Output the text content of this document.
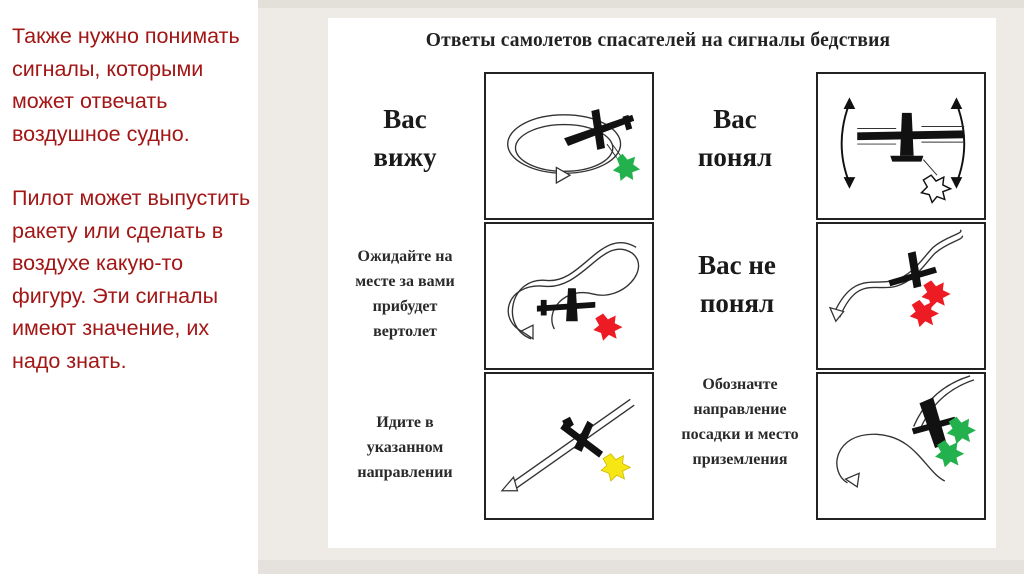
Также нужно понимать сигналы, которыми может отвечать воздушное судно.

Пилот может выпустить ракету или сделать в воздухе какую-то фигуру. Эти сигналы имеют значение, их надо знать.

Ответы самолетов спасателей на сигналы бедствия
Вас
вижу
Вас
понял
Ожидайте на
месте за вами
прибудет
вертолет
Вас не
понял
Идите в
указанном
направлении
Обозначте
направление
посадки и место
приземления
